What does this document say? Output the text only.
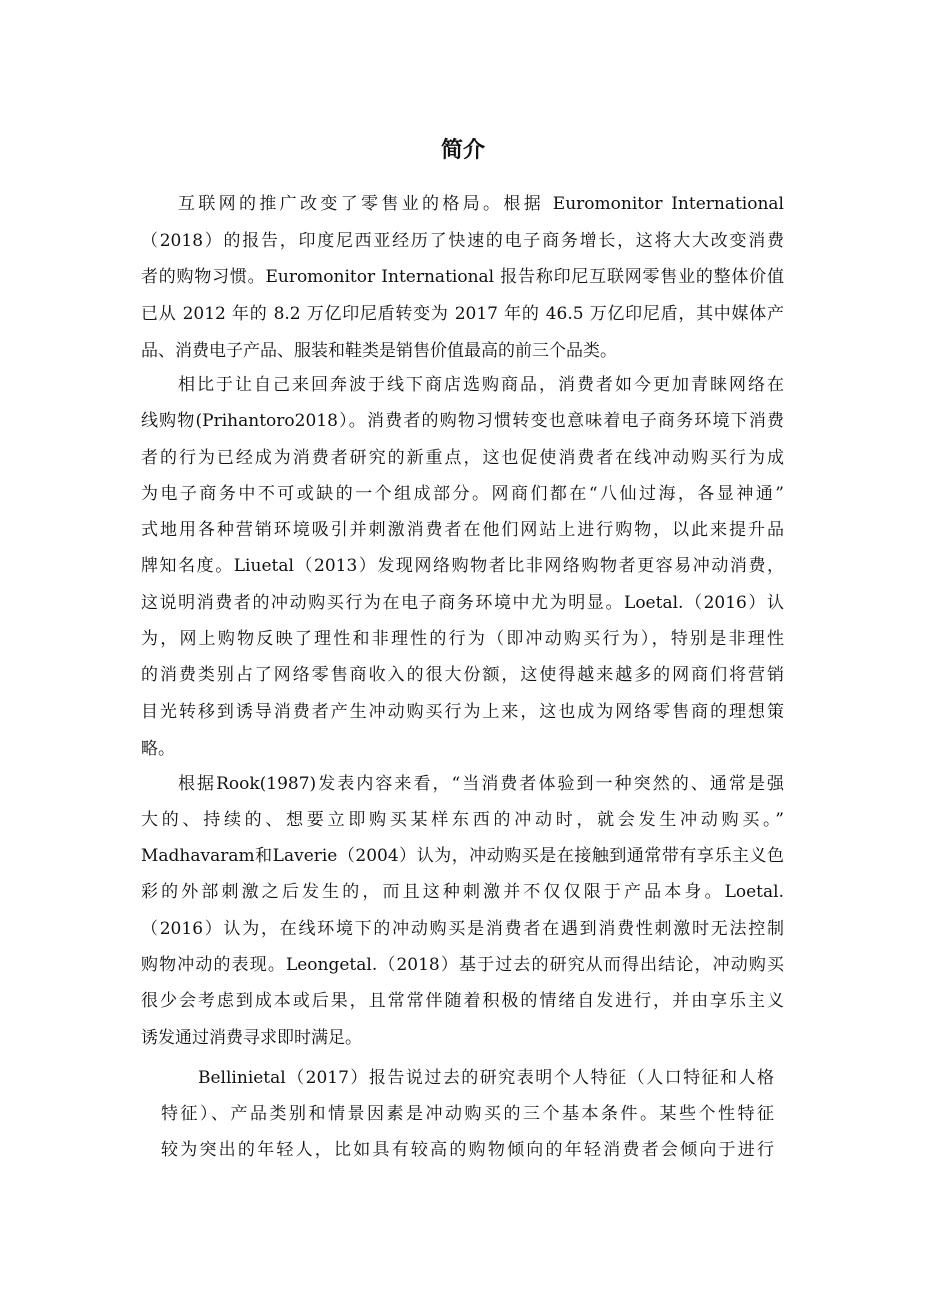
简介
互联网的推广改变了零售业的格局。根据 Euromonitor International
（2018）的报告，印度尼西亚经历了快速的电子商务增长，这将大大改变消费
者的购物习惯。Euromonitor International 报告称印尼互联网零售业的整体价值
已从 2012 年的 8.2 万亿印尼盾转变为 2017 年的 46.5 万亿印尼盾，其中媒体产
品、消费电子产品、服装和鞋类是销售价值最高的前三个品类。
相比于让自己来回奔波于线下商店选购商品，消费者如今更加青睐网络在
线购物(Prihantoro2018）。消费者的购物习惯转变也意味着电子商务环境下消费
者的行为已经成为消费者研究的新重点，这也促使消费者在线冲动购买行为成
为电子商务中不可或缺的一个组成部分。网商们都在“八仙过海，各显神通”
式地用各种营销环境吸引并刺激消费者在他们网站上进行购物，以此来提升品
牌知名度。Liuetal（2013）发现网络购物者比非网络购物者更容易冲动消费，
这说明消费者的冲动购买行为在电子商务环境中尤为明显。Loetal.（2016）认
为，网上购物反映了理性和非理性的行为（即冲动购买行为），特别是非理性
的消费类别占了网络零售商收入的很大份额，这使得越来越多的网商们将营销
目光转移到诱导消费者产生冲动购买行为上来，这也成为网络零售商的理想策
略。
根据Rook(1987)发表内容来看，“当消费者体验到一种突然的、通常是强
大的、持续的、想要立即购买某样东西的冲动时，就会发生冲动购买。”
Madhavaram和Laverie（2004）认为，冲动购买是在接触到通常带有享乐主义色
彩的外部刺激之后发生的，而且这种刺激并不仅仅限于产品本身。Loetal.
（2016）认为，在线环境下的冲动购买是消费者在遇到消费性刺激时无法控制
购物冲动的表现。Leongetal.（2018）基于过去的研究从而得出结论，冲动购买
很少会考虑到成本或后果，且常常伴随着积极的情绪自发进行，并由享乐主义
诱发通过消费寻求即时满足。
Bellinietal（2017）报告说过去的研究表明个人特征（人口特征和人格
特征）、产品类别和情景因素是冲动购买的三个基本条件。某些个性特征
较为突出的年轻人，比如具有较高的购物倾向的年轻消费者会倾向于进行
